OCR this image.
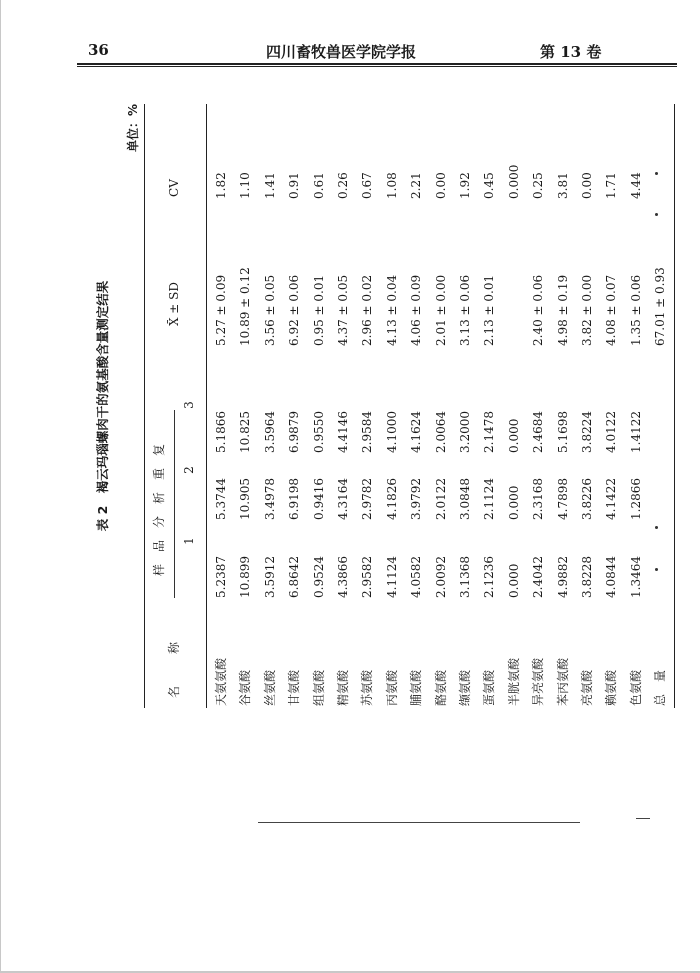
36	四川畜牧兽医学院学报	第 13 卷
表 2　褐云玛瑙螺肉干的氨基酸含量测定结果
单位：%
名　称
样品分析重复 1
2
3
X̄ ± SD
CV
天氨氨酸
5.2387
5.3744
5.1866
5.27 ± 0.09
1.82
谷氨酸
10.899
10.905
10.825
10.89 ± 0.12
1.10
丝氨酸
3.5912
3.4978
3.5964
3.56 ± 0.05
1.41
甘氨酸
6.8642
6.9198
6.9879
6.92 ± 0.06
0.91
组氨酸
0.9524
0.9416
0.9550
0.95 ± 0.01
0.61
精氨酸
4.3866
4.3164
4.4146
4.37 ± 0.05
0.26
苏氨酸
2.9582
2.9782
2.9584
2.96 ± 0.02
0.67
丙氨酸
4.1124
4.1826
4.1000
4.13 ± 0.04
1.08
脯氨酸
4.0582
3.9792
4.1624
4.06 ± 0.09
2.21
酪氨酸
2.0092
2.0122
2.0064
2.01 ± 0.00
0.00
缬氨酸
3.1368
3.0848
3.2000
3.13 ± 0.06
1.92
蛋氨酸
2.1236
2.1124
2.1478
2.13 ± 0.01
0.45
半胱氨酸
0.000
0.000
0.000
0.000
异亮氨酸
2.4042
2.3168
2.4684
2.40 ± 0.06
0.25
苯丙氨酸
4.9882
4.7898
5.1698
4.98 ± 0.19
3.81
亮氨酸
3.8228
3.8226
3.8224
3.82 ± 0.00
0.00
赖氨酸
4.0844
4.1422
4.0122
4.08 ± 0.07
1.71
色氨酸
1.3464
1.2866
1.4122
1.35 ± 0.06
4.44
总　量
67.01 ± 0.93
